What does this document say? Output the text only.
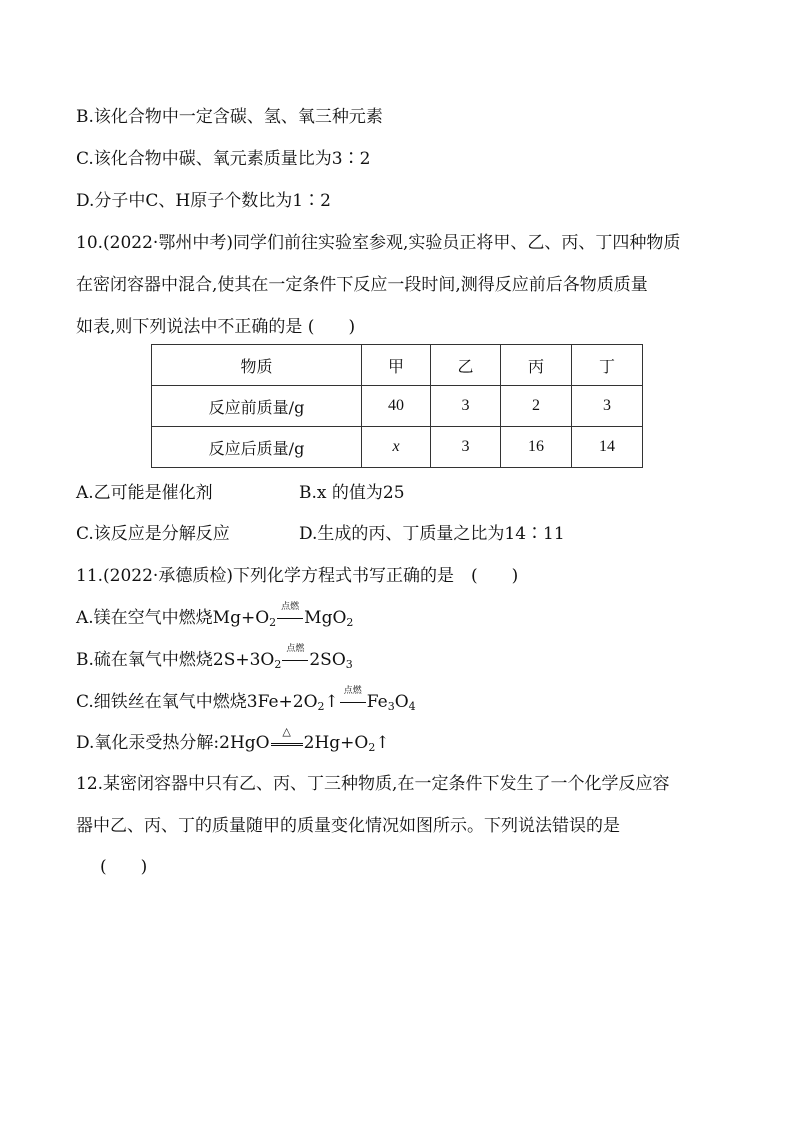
B.该化合物中一定含碳、氢、氧三种元素
C.该化合物中碳、氧元素质量比为3∶2
D.分子中C、H原子个数比为1∶2
10.(2022·鄂州中考)同学们前往实验室参观,实验员正将甲、乙、丙、丁四种物质
在密闭容器中混合,使其在一定条件下反应一段时间,测得反应前后各物质质量
如表,则下列说法中不正确的是 (　　)
物质	甲	乙	丙	丁
反应前质量/g	40	3	2	3
反应后质量/g	x	3	16	14
A.乙可能是催化剂	B.x 的值为25
C.该反应是分解反应	D.生成的丙、丁质量之比为14∶11
11.(2022·承德质检)下列化学方程式书写正确的是　(　　)
A.镁在空气中燃烧$Mg+O_2$
点燃
MgO$_2$
B.硫在氧气中燃烧$2S+3O_2$
点燃
$2SO_3$
C.细铁丝在氧气中燃烧$3Fe+2O_2↑$
点燃
$Fe_3O_4$
D.氧化汞受热分解:2HgO
△
$2Hg+O_2↑$
12.某密闭容器中只有乙、丙、丁三种物质,在一定条件下发生了一个化学反应容
器中乙、丙、丁的质量随甲的质量变化情况如图所示。下列说法错误的是
(　　)
